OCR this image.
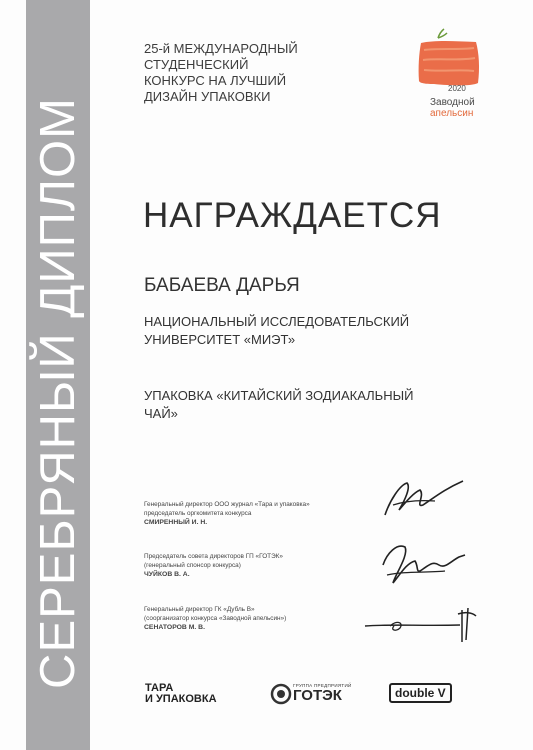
СЕРЕБРЯНЫЙ ДИПЛОМ
25-й МЕЖДУНАРОДНЫЙ
СТУДЕНЧЕСКИЙ
КОНКУРС НА ЛУЧШИЙ
ДИЗАЙН УПАКОВКИ
2020
Заводной
апельсин
НАГРАЖДАЕТСЯ
БАБАЕВА ДАРЬЯ
НАЦИОНАЛЬНЫЙ ИССЛЕДОВАТЕЛЬСКИЙ
УНИВЕРСИТЕТ «МИЭТ»
УПАКОВКА «КИТАЙСКИЙ ЗОДИАКАЛЬНЫЙ
ЧАЙ»
Генеральный директор ООО журнал «Тара и упаковка»
председатель оргкомитета конкурса
СМИРЕННЫЙ И. Н.
Председатель совета директоров ГП «ГОТЭК»
(генеральный спонсор конкурса)
ЧУЙКОВ В. А.
Генеральный директор ГК «Дубль В»
(соорганизатор конкурса «Заводной апельсин»)
СЕНАТОРОВ М. В.
ТАРА
И УПАКОВКА
ГРУППА ПРЕДПРИЯТИЙ
ГОТЭК	double V
